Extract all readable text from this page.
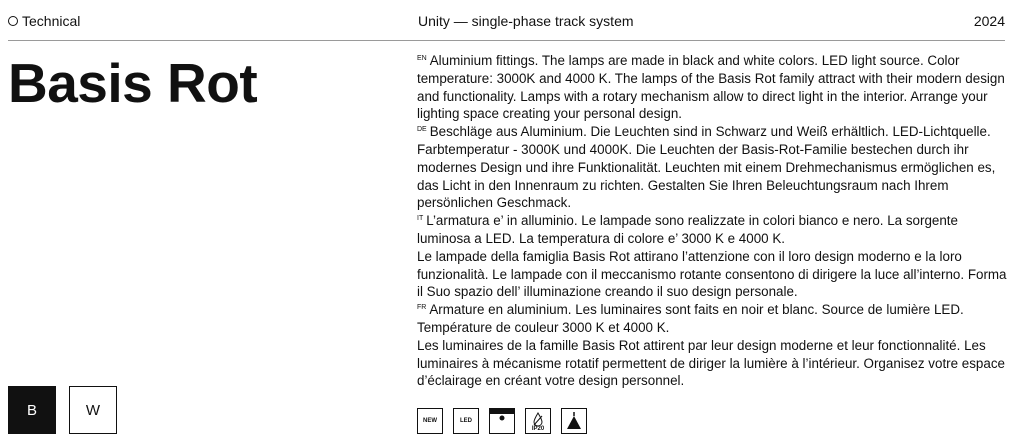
Technical	Unity — single-phase track system	2024
Basis Rot	$^{EN}$ Aluminium fittings. The lamps are made in black and white colors. LED light source. Color temperature: 3000K and 4000 K. The lamps of the Basis Rot family attract with their modern design and functionality. Lamps with a rotary mechanism allow to direct light in the interior. Arrange your lighting space creating your personal design.

$^{DE}$ Beschläge aus Aluminium. Die Leuchten sind in Schwarz und Weiß erhältlich. LED-Lichtquelle. Farbtemperatur - 3000K und 4000K. Die Leuchten der Basis-Rot-Familie bestechen durch ihr modernes Design und ihre Funktionalität. Leuchten mit einem Drehmechanismus ermöglichen es, das Licht in den Innenraum zu richten. Gestalten Sie Ihren Beleuchtungsraum nach Ihrem persönlichen Geschmack.

$^{IT}$ L’armatura e’ in alluminio. Le lampade sono realizzate in colori bianco e nero. La sorgente luminosa a LED. La temperatura di colore e’ 3000 K e 4000 K.

Le lampade della famiglia Basis Rot attirano l’attenzione con il loro design moderno e la loro funzionalità. Le lampade con il meccanismo rotante consentono di dirigere la luce all’interno. Forma il Suo spazio dell’ illuminazione creando il suo design personale.

$^{FR}$ Armature en aluminium. Les luminaires sont faits en noir et blanc. Source de lumière LED. Température de couleur 3000 K et 4000 K.

Les luminaires de la famille Basis Rot attirent par leur design moderne et leur fonctionnalité. Les luminaires à mécanisme rotatif permettent de diriger la lumière à l’intérieur. Organisez votre espace d’éclairage en créant votre design personnel.

B	W
NEW	LED
IP20
